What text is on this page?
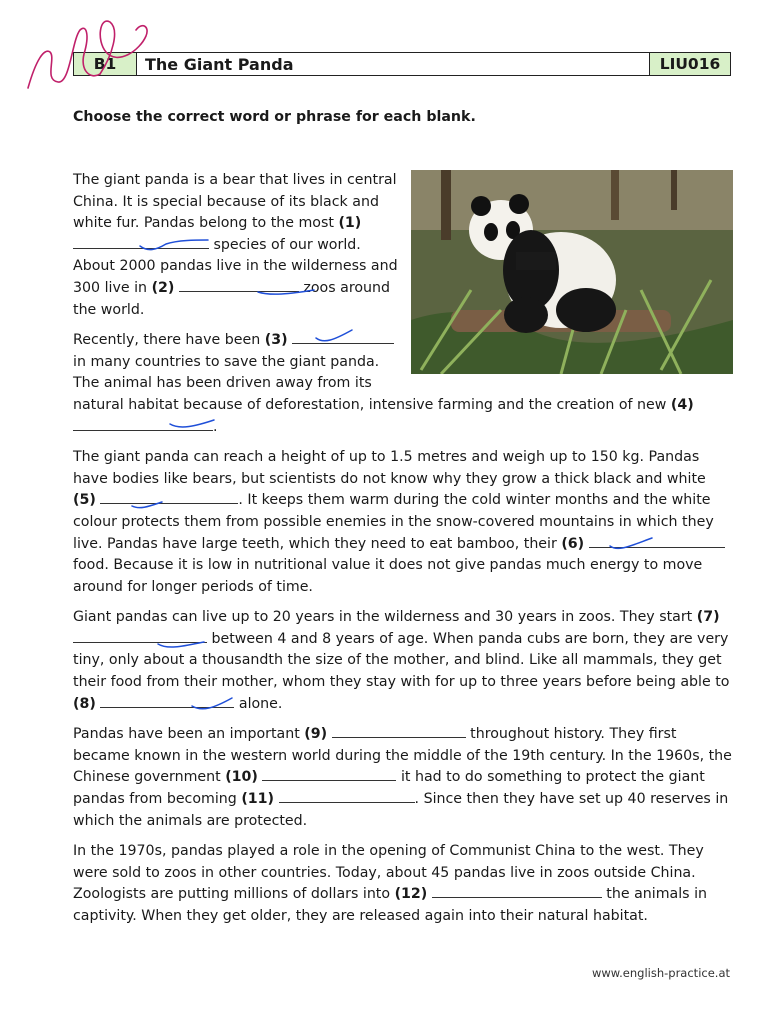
B1	The Giant Panda	LIU016
Choose the correct word or phrase for each blank.

The giant panda is a bear that lives in central China. It is special because of its black and white fur. Pandas belong to the most (1)  species of our world. About 2000 pandas live in the wilderness and 300 live in (2)	zoos around the world.

Recently, there have been (3)  in many countries to save the giant panda. The animal has been driven away from its natural habitat because of deforestation, intensive farming and the creation of new (4) .

The giant panda can reach a height of up to 1.5 metres and weigh up to 150 kg. Pandas have bodies like bears, but scientists do not know why they grow a thick black and white (5)	. It keeps them warm during the cold winter months and the white colour protects them from possible enemies in the snow-covered mountains in which they live. Pandas have large teeth, which they need to eat bamboo, their (6)  food. Because it is low in nutritional value it does not give pandas much energy to move around for longer periods of time.

Giant pandas can live up to 20 years in the wilderness and 30 years in zoos. They start (7)  between 4 and 8 years of age. When panda cubs are born, they are very tiny, only about a thousandth the size of the mother, and blind. Like all mammals, they get their food from their mother, whom they stay with for up to three years before being able to (8)	alone.

Pandas have been an important (9)	throughout history. They first became known in the western world during the middle of the 19th century. In the 1960s, the Chinese government (10)	it had to do something to protect the giant pandas from becoming (11)	. Since then they have set up 40 reserves in which the animals are protected.

In the 1970s, pandas played a role in the opening of Communist China to the west. They were sold to zoos in other countries. Today, about 45 pandas live in zoos outside China. Zoologists are putting millions of dollars into (12)	the animals in captivity. When they get older, they are released again into their natural habitat.

www.english-practice.at
